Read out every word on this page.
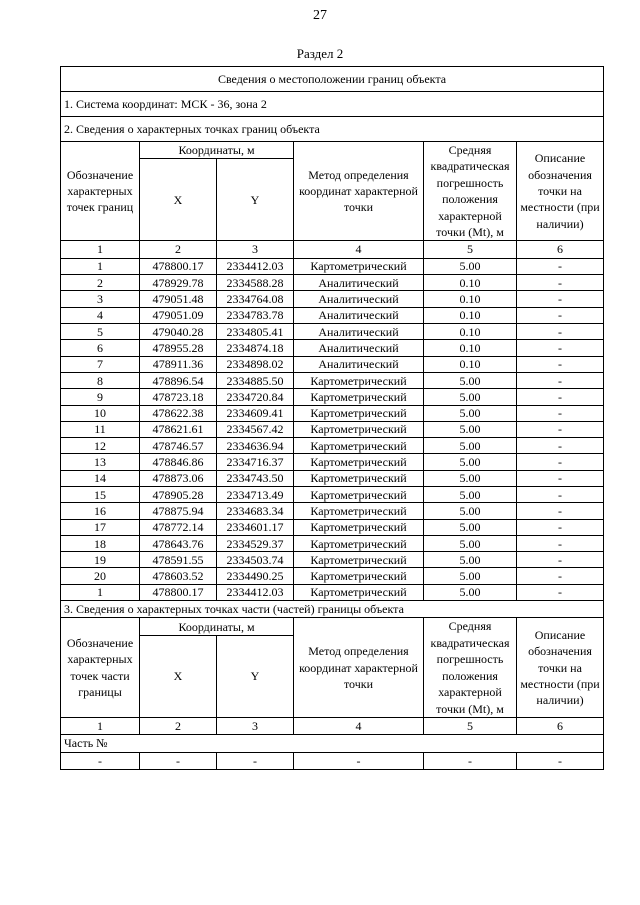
27
Раздел 2
Сведения о местоположении границ объекта					
1. Система координат: МСК - 36, зона 2					
2. Сведения о характерных точках границ объекта					
Обозначение характерных точек границ	Координаты, м		Метод определения координат характерной точки	Средняя квадратическая погрешность положения характерной точки (Mt), м	Описание обозначения точки на местности (при наличии)
	X	Y			
1	2	3	4	5	6
1	478800.17	2334412.03	Картометрический	5.00	-
2	478929.78	2334588.28	Аналитический	0.10	-
3	479051.48	2334764.08	Аналитический	0.10	-
4	479051.09	2334783.78	Аналитический	0.10	-
5	479040.28	2334805.41	Аналитический	0.10	-
6	478955.28	2334874.18	Аналитический	0.10	-
7	478911.36	2334898.02	Аналитический	0.10	-
8	478896.54	2334885.50	Картометрический	5.00	-
9	478723.18	2334720.84	Картометрический	5.00	-
10	478622.38	2334609.41	Картометрический	5.00	-
11	478621.61	2334567.42	Картометрический	5.00	-
12	478746.57	2334636.94	Картометрический	5.00	-
13	478846.86	2334716.37	Картометрический	5.00	-
14	478873.06	2334743.50	Картометрический	5.00	-
15	478905.28	2334713.49	Картометрический	5.00	-
16	478875.94	2334683.34	Картометрический	5.00	-
17	478772.14	2334601.17	Картометрический	5.00	-
18	478643.76	2334529.37	Картометрический	5.00	-
19	478591.55	2334503.74	Картометрический	5.00	-
20	478603.52	2334490.25	Картометрический	5.00	-
1	478800.17	2334412.03	Картометрический	5.00	-
3. Сведения о характерных точках части (частей) границы объекта					
Обозначение характерных точек части границы	Координаты, м		Метод определения координат характерной точки	Средняя квадратическая погрешность положения характерной точки (Mt), м	Описание обозначения точки на местности (при наличии)
	X	Y			
1	2	3	4	5	6
Часть №					
-	-	-	-	-	-
